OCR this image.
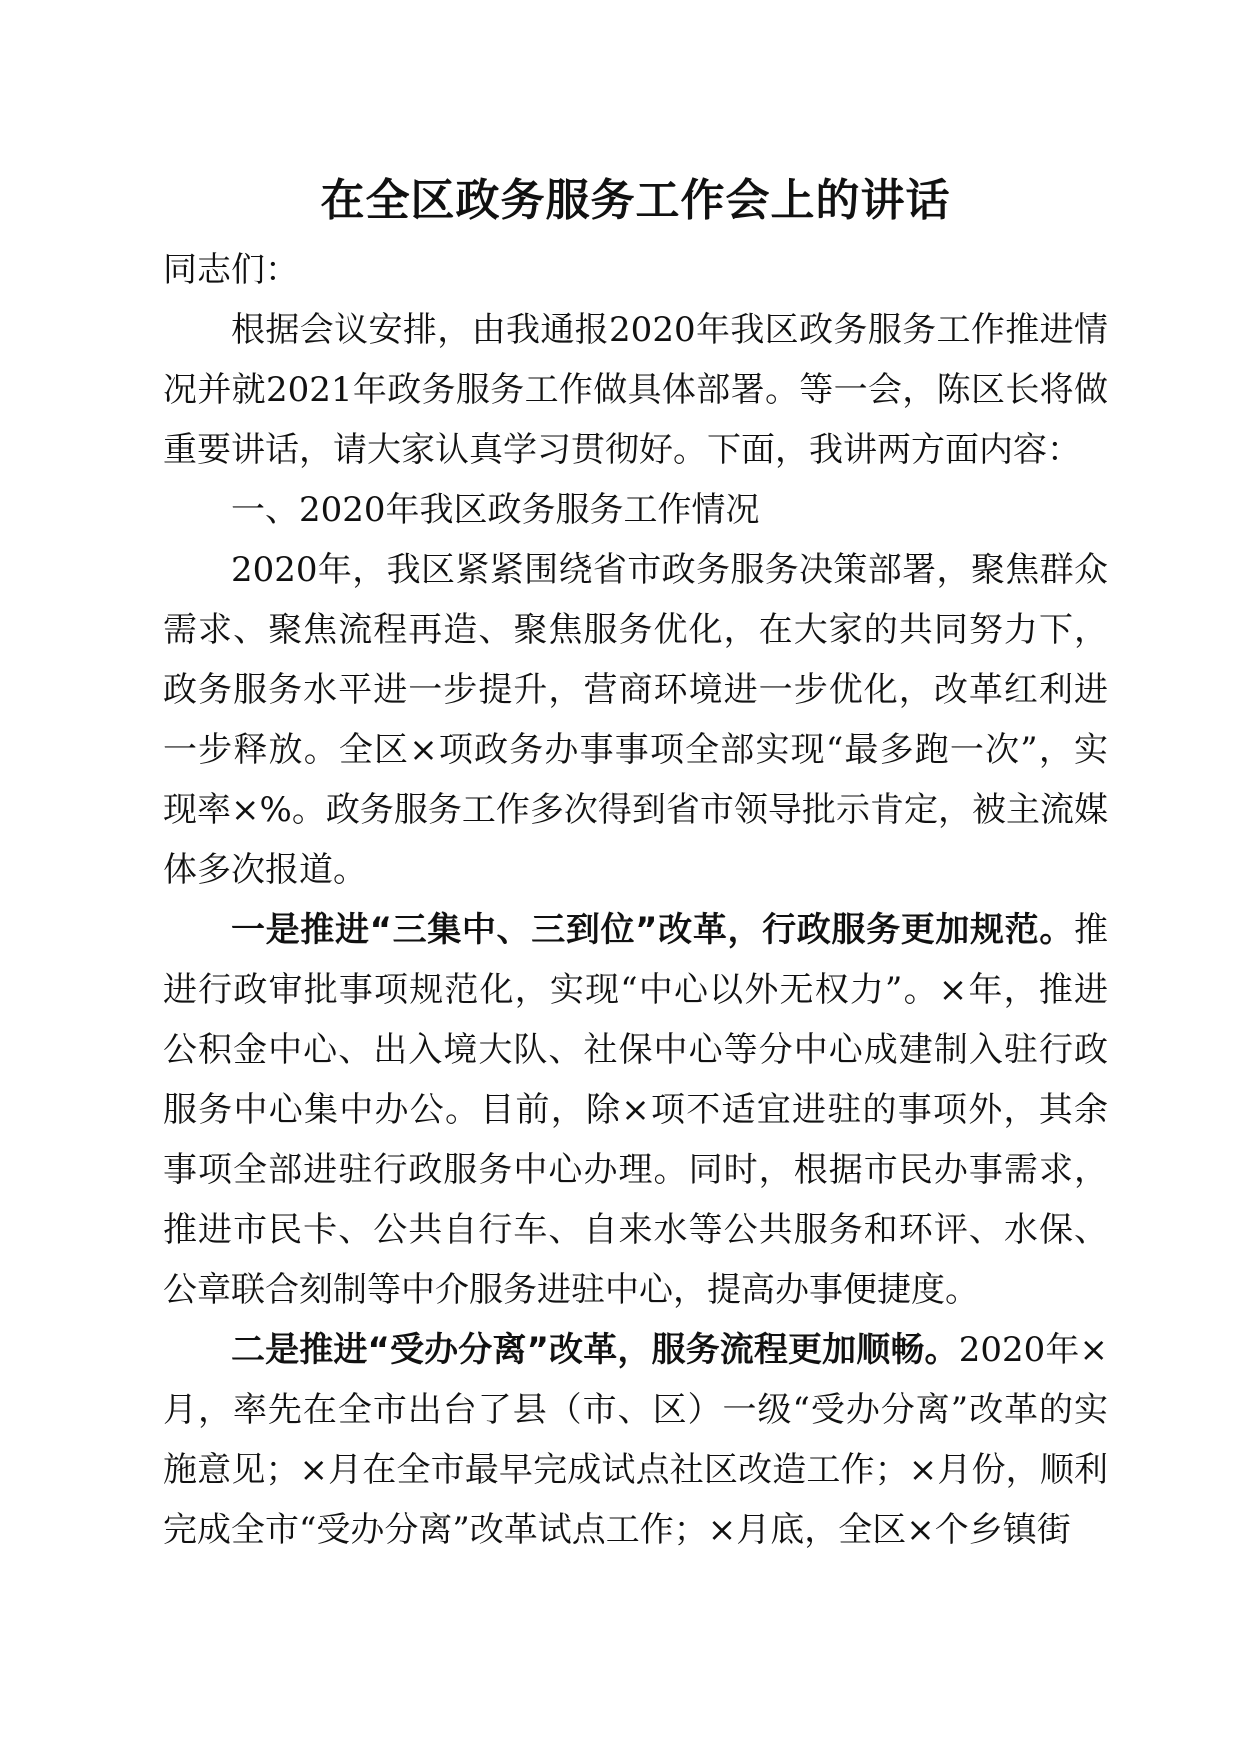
在全区政务服务工作会上的讲话

同志们：

根据会议安排，由我通报2020年我区政务服务工作推进情况并就2021年政务服务工作做具体部署。等一会，陈区长将做重要讲话，请大家认真学习贯彻好。下面，我讲两方面内容：

一、2020年我区政务服务工作情况

2020年，我区紧紧围绕省市政务服务决策部署，聚焦群众需求、聚焦流程再造、聚焦服务优化，在大家的共同努力下，政务服务水平进一步提升，营商环境进一步优化，改革红利进一步释放。全区×项政务办事事项全部实现“最多跑一次”，实现率×%。政务服务工作多次得到省市领导批示肯定，被主流媒体多次报道。

一是推进“三集中、三到位”改革，行政服务更加规范。推进行政审批事项规范化，实现“中心以外无权力”。×年，推进公积金中心、出入境大队、社保中心等分中心成建制入驻行政服务中心集中办公。目前，除×项不适宜进驻的事项外，其余事项全部进驻行政服务中心办理。同时，根据市民办事需求，推进市民卡、公共自行车、自来水等公共服务和环评、水保、公章联合刻制等中介服务进驻中心，提高办事便捷度。

二是推进“受办分离”改革，服务流程更加顺畅。2020年×月，率先在全市出台了县（市、区）一级“受办分离”改革的实施意见；×月在全市最早完成试点社区改造工作；×月份，顺利完成全市“受办分离”改革试点工作；×月底，全区×个乡镇街
